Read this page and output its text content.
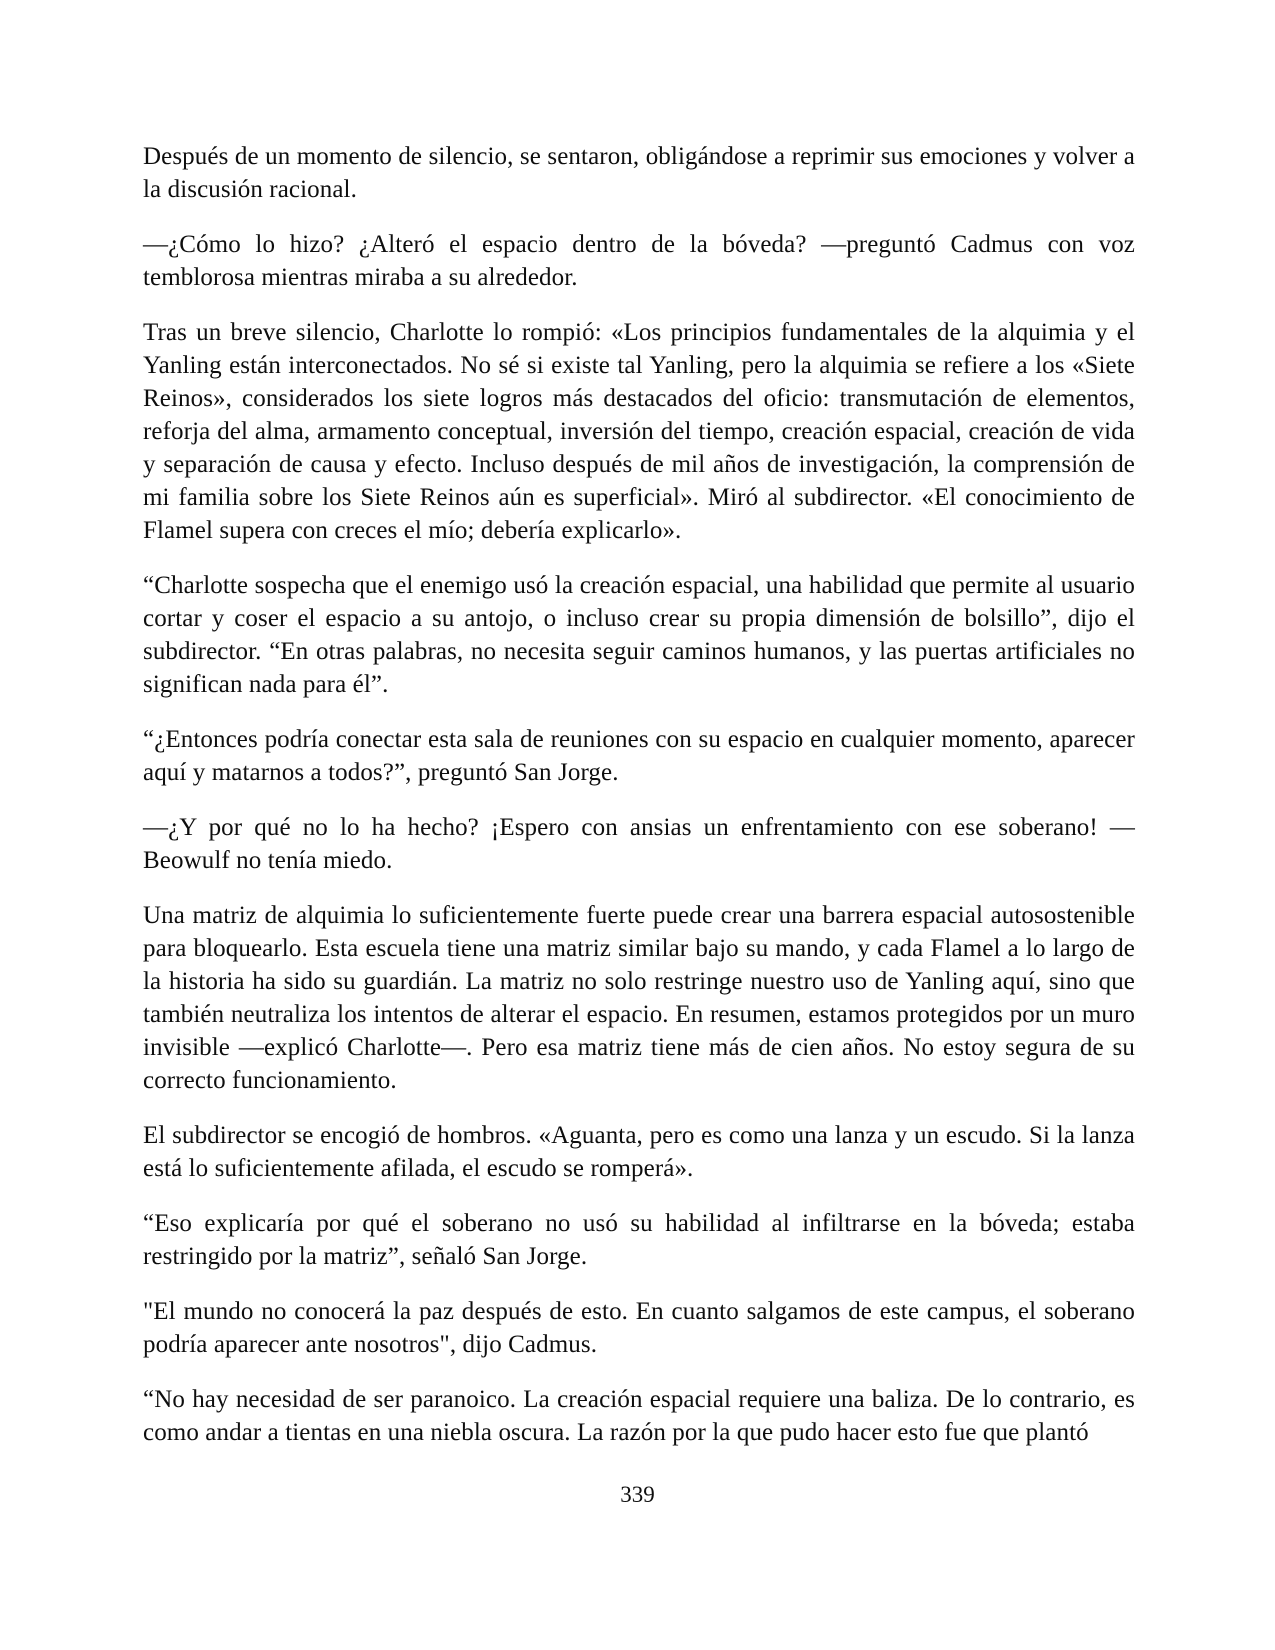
Después de un momento de silencio, se sentaron, obligándose a reprimir sus emociones y volver a la discusión racional.

—¿Cómo lo hizo? ¿Alteró el espacio dentro de la bóveda? —preguntó Cadmus con voz temblorosa mientras miraba a su alrededor.

Tras un breve silencio, Charlotte lo rompió: «Los principios fundamentales de la alquimia y el Yanling están interconectados. No sé si existe tal Yanling, pero la alquimia se refiere a los «Siete Reinos», considerados los siete logros más destacados del oficio: transmutación de elementos, reforja del alma, armamento conceptual, inversión del tiempo, creación espacial, creación de vida y separación de causa y efecto. Incluso después de mil años de investigación, la comprensión de mi familia sobre los Siete Reinos aún es superficial». Miró al subdirector. «El conocimiento de Flamel supera con creces el mío; debería explicarlo».

“Charlotte sospecha que el enemigo usó la creación espacial, una habilidad que permite al usuario cortar y coser el espacio a su antojo, o incluso crear su propia dimensión de bolsillo”, dijo el subdirector. “En otras palabras, no necesita seguir caminos humanos, y las puertas artificiales no significan nada para él”.

“¿Entonces podría conectar esta sala de reuniones con su espacio en cualquier momento, aparecer aquí y matarnos a todos?”, preguntó San Jorge.

—¿Y por qué no lo ha hecho? ¡Espero con ansias un enfrentamiento con ese soberano! — Beowulf no tenía miedo.

Una matriz de alquimia lo suficientemente fuerte puede crear una barrera espacial autosostenible para bloquearlo. Esta escuela tiene una matriz similar bajo su mando, y cada Flamel a lo largo de la historia ha sido su guardián. La matriz no solo restringe nuestro uso de Yanling aquí, sino que también neutraliza los intentos de alterar el espacio. En resumen, estamos protegidos por un muro invisible —explicó Charlotte—. Pero esa matriz tiene más de cien años. No estoy segura de su correcto funcionamiento.

El subdirector se encogió de hombros. «Aguanta, pero es como una lanza y un escudo. Si la lanza está lo suficientemente afilada, el escudo se romperá».

“Eso explicaría por qué el soberano no usó su habilidad al infiltrarse en la bóveda; estaba restringido por la matriz”, señaló San Jorge.

"El mundo no conocerá la paz después de esto. En cuanto salgamos de este campus, el soberano podría aparecer ante nosotros", dijo Cadmus.

“No hay necesidad de ser paranoico. La creación espacial requiere una baliza. De lo contrario, es como andar a tientas en una niebla oscura. La razón por la que pudo hacer esto fue que plantó

339
